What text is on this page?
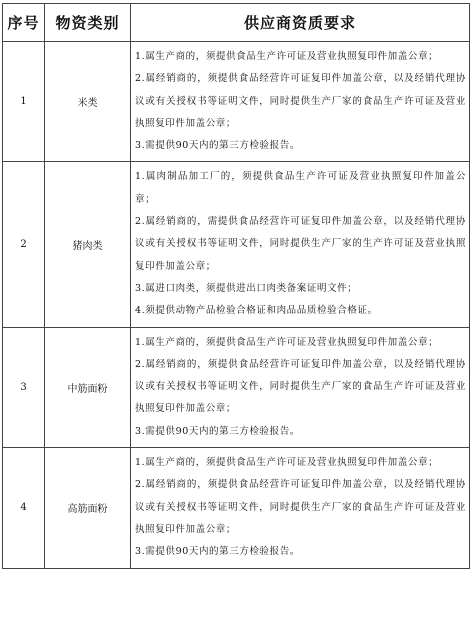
序号	物资类别	供应商资质要求
1	米类	1.属生产商的，须提供食品生产许可证及营业执照复印件加盖公章；

2.属经销商的，须提供食品经营许可证复印件加盖公章，以及经销代理协议或有关授权书等证明文件，同时提供生产厂家的食品生产许可证及营业执照复印件加盖公章；

3.需提供90天内的第三方检验报告。

2	猪肉类	1.属肉制品加工厂的，须提供食品生产许可证及营业执照复印件加盖公章；

2.属经销商的，需提供食品经营许可证复印件加盖公章，以及经销代理协议或有关授权书等证明文件，同时提供生产厂家的生产许可证及营业执照复印件加盖公章；

3.属进口肉类，须提供进出口肉类备案证明文件；

4.须提供动物产品检验合格证和肉品品质检验合格证。

3	中筋面粉	1.属生产商的，须提供食品生产许可证及营业执照复印件加盖公章；

2.属经销商的，须提供食品经营许可证复印件加盖公章，以及经销代理协议或有关授权书等证明文件，同时提供生产厂家的食品生产许可证及营业执照复印件加盖公章；

3.需提供90天内的第三方检验报告。

4	高筋面粉	1.属生产商的，须提供食品生产许可证及营业执照复印件加盖公章；

2.属经销商的，须提供食品经营许可证复印件加盖公章，以及经销代理协议或有关授权书等证明文件，同时提供生产厂家的食品生产许可证及营业执照复印件加盖公章；

3.需提供90天内的第三方检验报告。
